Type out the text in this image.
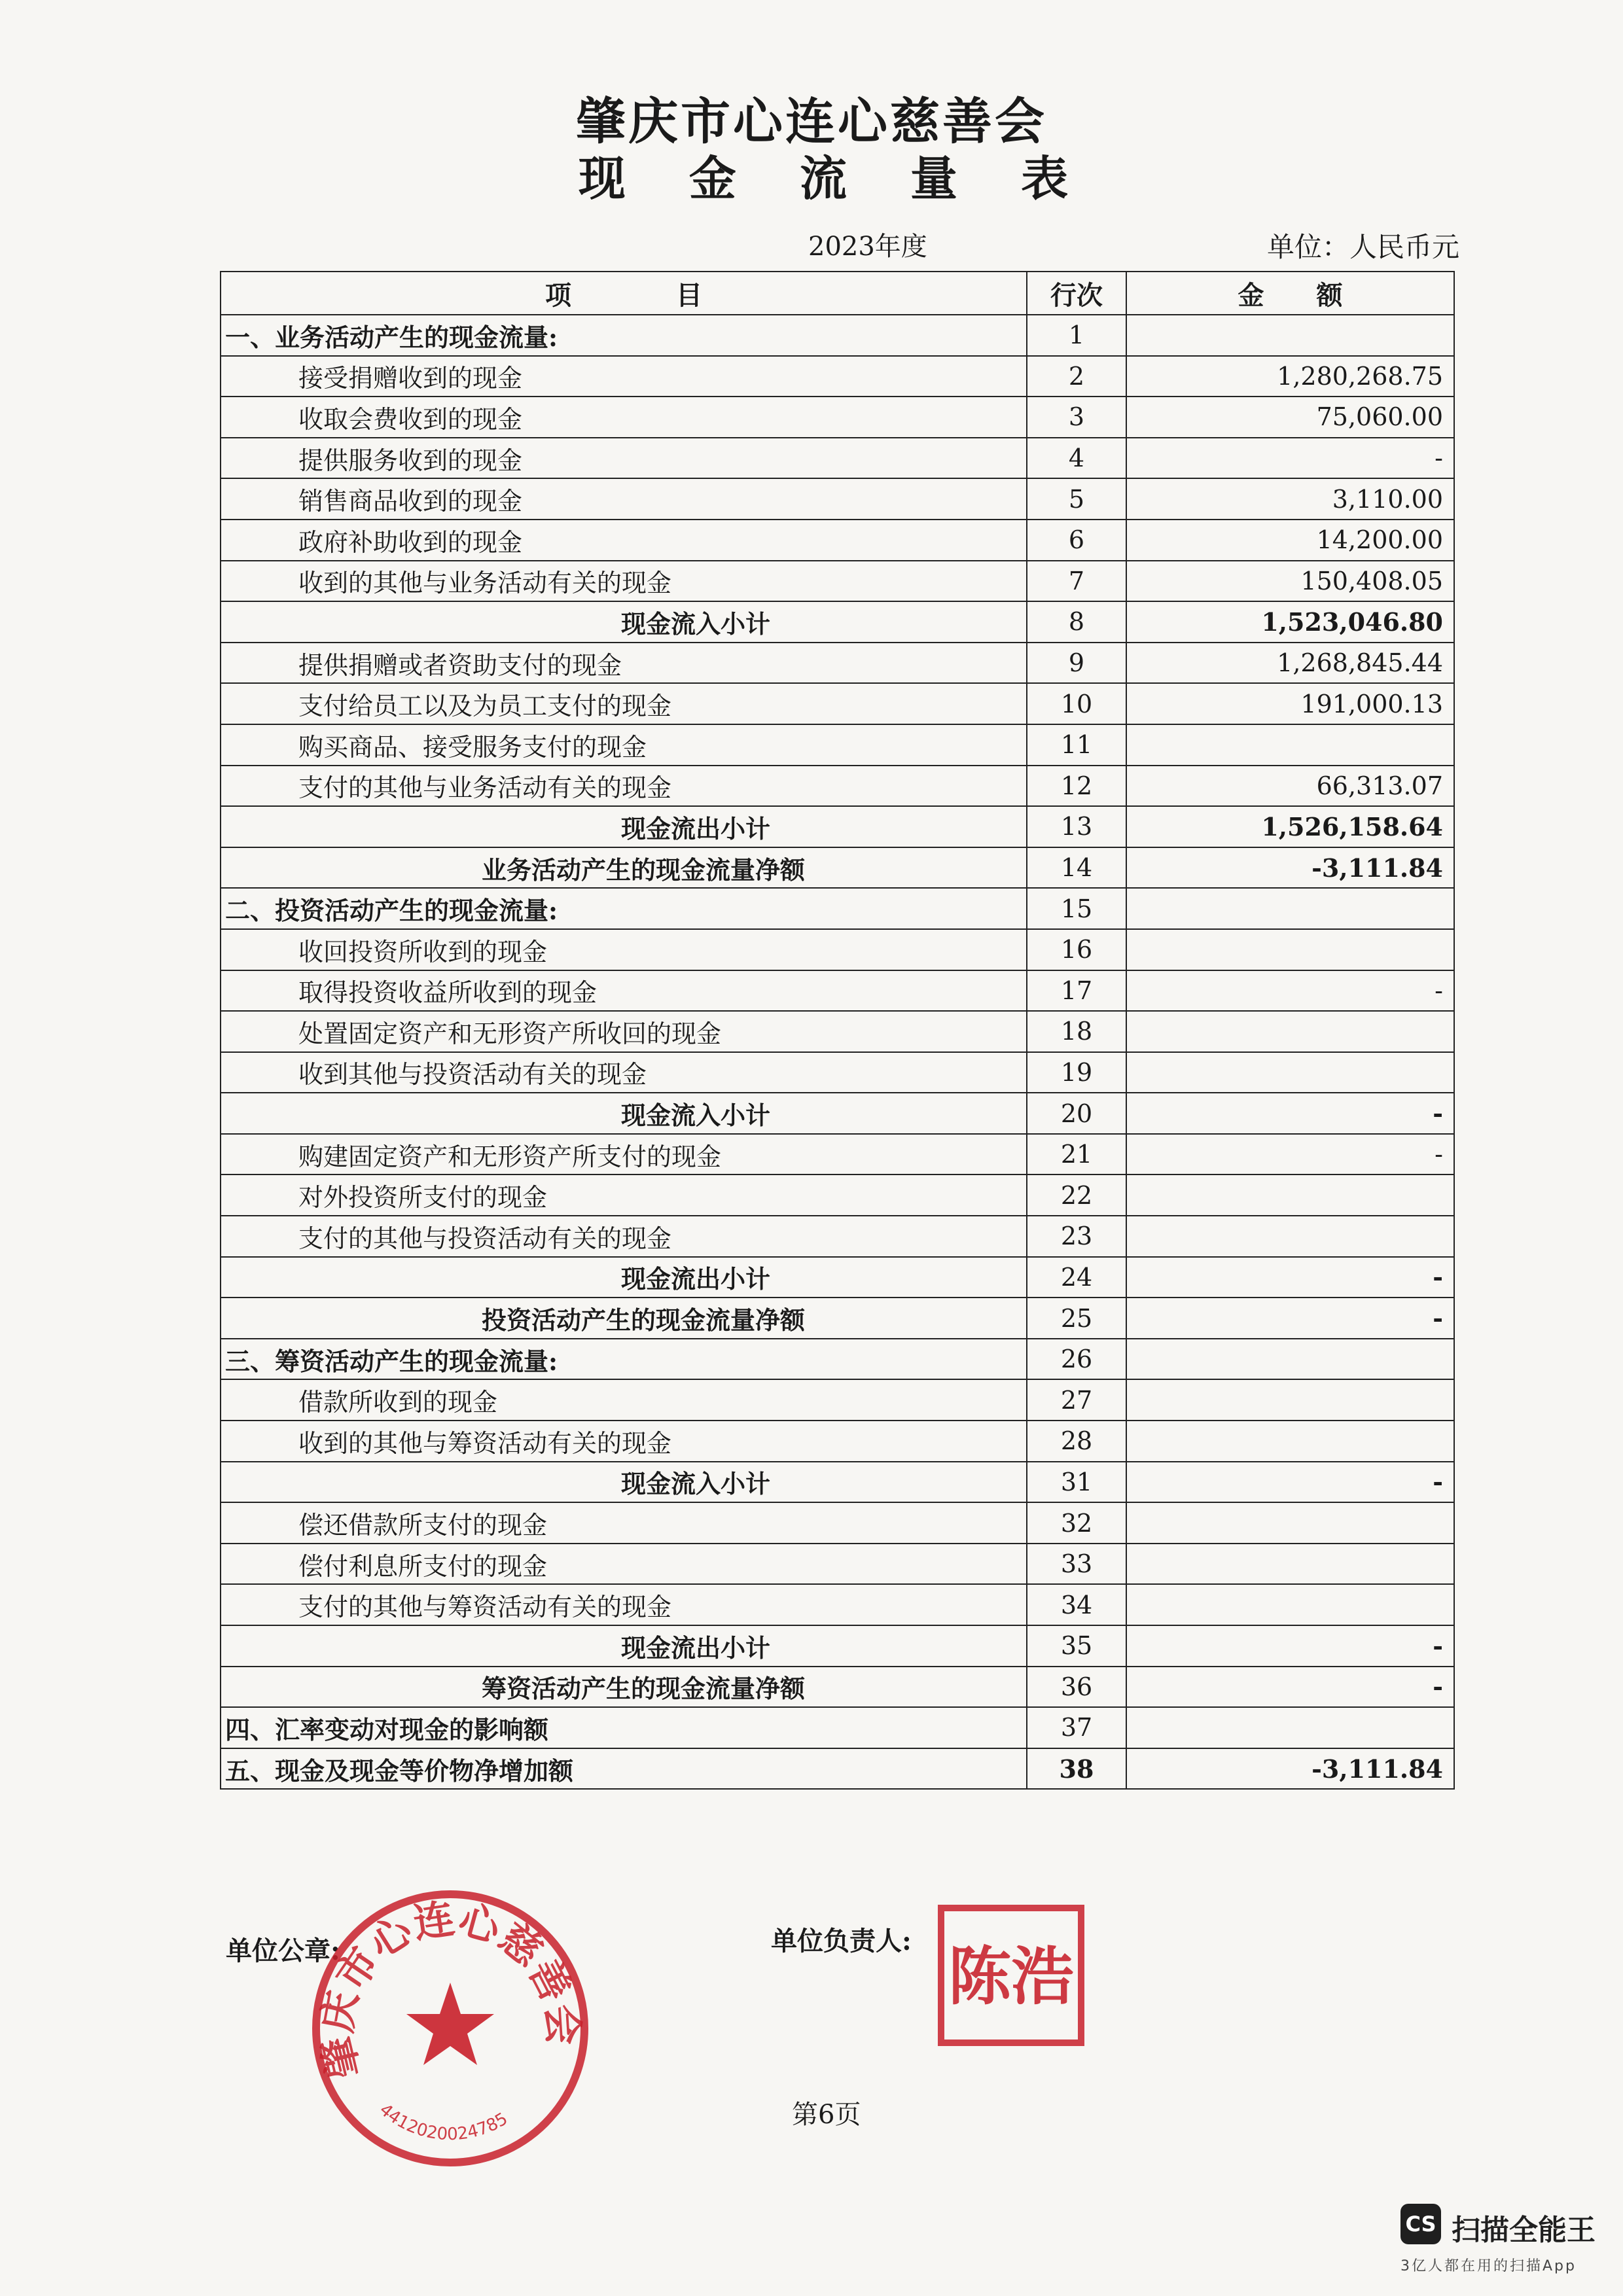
肇庆市心连心慈善会
现 金 流 量 表
2023年度	单位：人民币元
项　　　　目	行次	金　　额
一、业务活动产生的现金流量:	1	
接受捐赠收到的现金	2	1,280,268.75
收取会费收到的现金	3	75,060.00
提供服务收到的现金	4	-
销售商品收到的现金	5	3,110.00
政府补助收到的现金	6	14,200.00
收到的其他与业务活动有关的现金	7	150,408.05
现金流入小计	8	1,523,046.80
提供捐赠或者资助支付的现金	9	1,268,845.44
支付给员工以及为员工支付的现金	10	191,000.13
购买商品、接受服务支付的现金	11	
支付的其他与业务活动有关的现金	12	66,313.07
现金流出小计	13	1,526,158.64
业务活动产生的现金流量净额	14	-3,111.84
二、投资活动产生的现金流量:	15	
收回投资所收到的现金	16	
取得投资收益所收到的现金	17	-
处置固定资产和无形资产所收回的现金	18	
收到其他与投资活动有关的现金	19	
现金流入小计	20	-
购建固定资产和无形资产所支付的现金	21	-
对外投资所支付的现金	22	
支付的其他与投资活动有关的现金	23	
现金流出小计	24	-
投资活动产生的现金流量净额	25	-
三、筹资活动产生的现金流量:	26	
借款所收到的现金	27	
收到的其他与筹资活动有关的现金	28	
现金流入小计	31	-
偿还借款所支付的现金	32	
偿付利息所支付的现金	33	
支付的其他与筹资活动有关的现金	34	
现金流出小计	35	-
筹资活动产生的现金流量净额	36	-
四、汇率变动对现金的影响额	37	
五、现金及现金等价物净增加额	38	-3,111.84
单位公章:	单位负责人:
肇庆市心连心慈善会
4412020024785
陈浩
第6页
CS 扫描全能王
3亿人都在用的扫描App
